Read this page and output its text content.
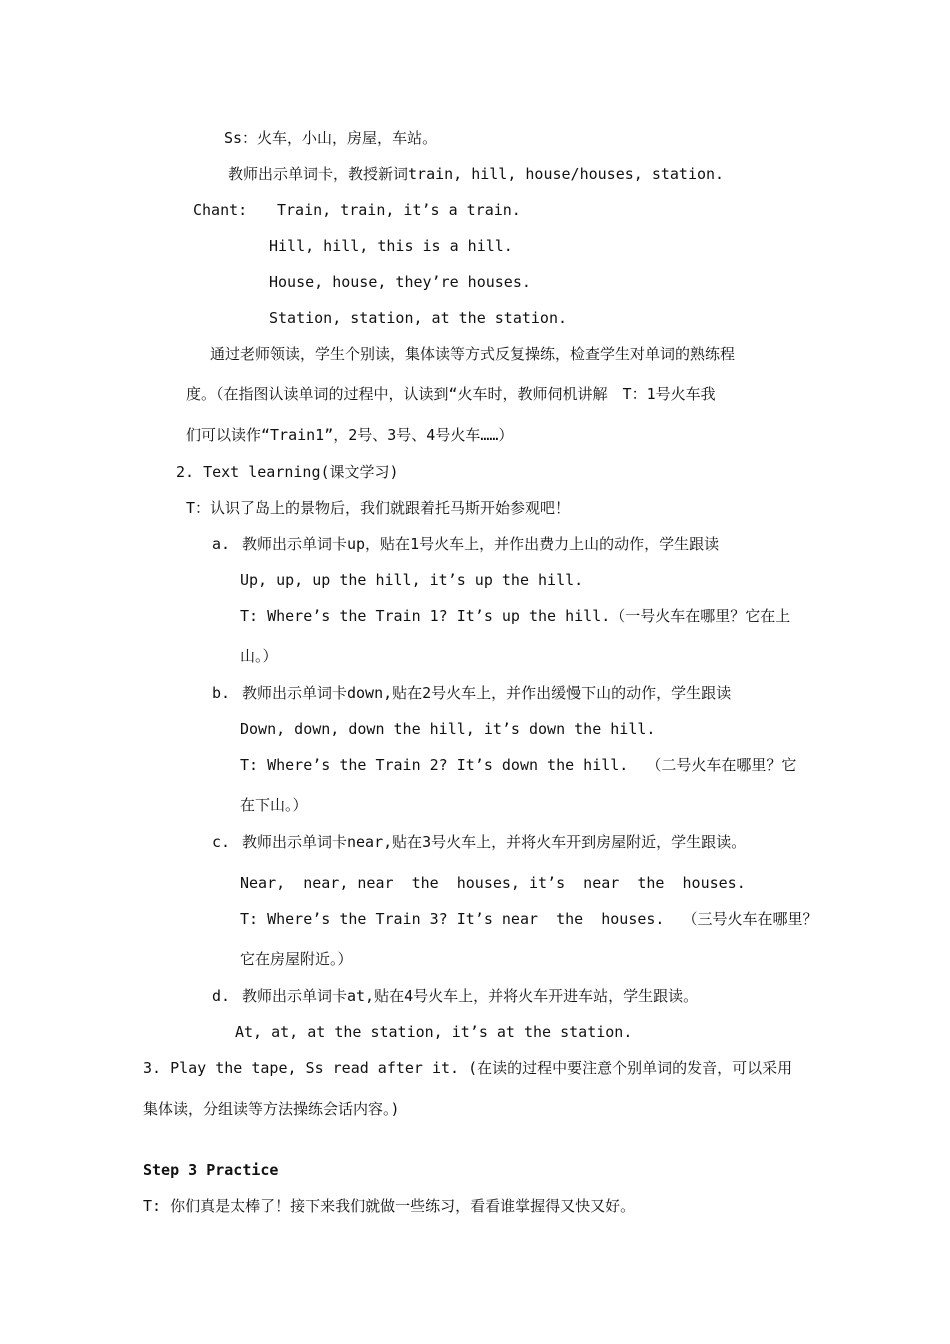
Ss：火车，小山，房屋，车站。
教师出示单词卡，教授新词train, hill, house/houses, station.
Chant: Train, train, it’s a train.
Hill, hill, this is a hill.
House, house, they’re houses.
Station, station, at the station.
通过老师领读，学生个别读，集体读等方式反复操练，检查学生对单词的熟练程
度。（在指图认读单词的过程中，认读到“火车时，教师伺机讲解　T：1号火车我
们可以读作“Train1”，2号、3号、4号火车……）
2. Text learning(课文学习)
T：认识了岛上的景物后，我们就跟着托马斯开始参观吧！
a. 教师出示单词卡up，贴在1号火车上，并作出费力上山的动作，学生跟读
Up, up, up the hill, it’s up the hill.
T: Where’s the Train 1? It’s up the hill.（一号火车在哪里？它在上
山。）
b. 教师出示单词卡down,贴在2号火车上，并作出缓慢下山的动作，学生跟读
Down, down, down the hill, it’s down the hill.
T: Where’s the Train 2? It’s down the hill.  （二号火车在哪里？它
在下山。）
c. 教师出示单词卡near,贴在3号火车上，并将火车开到房屋附近，学生跟读。
Near,  near, near  the  houses, it’s  near  the  houses.
T: Where’s the Train 3? It’s near  the  houses.  （三号火车在哪里？
它在房屋附近。）
d. 教师出示单词卡at,贴在4号火车上，并将火车开进车站，学生跟读。
At, at, at the station, it’s at the station.
3. Play the tape, Ss read after it. (在读的过程中要注意个别单词的发音，可以采用
集体读，分组读等方法操练会话内容。)
Step 3 Practice
T: 你们真是太棒了！接下来我们就做一些练习，看看谁掌握得又快又好。
